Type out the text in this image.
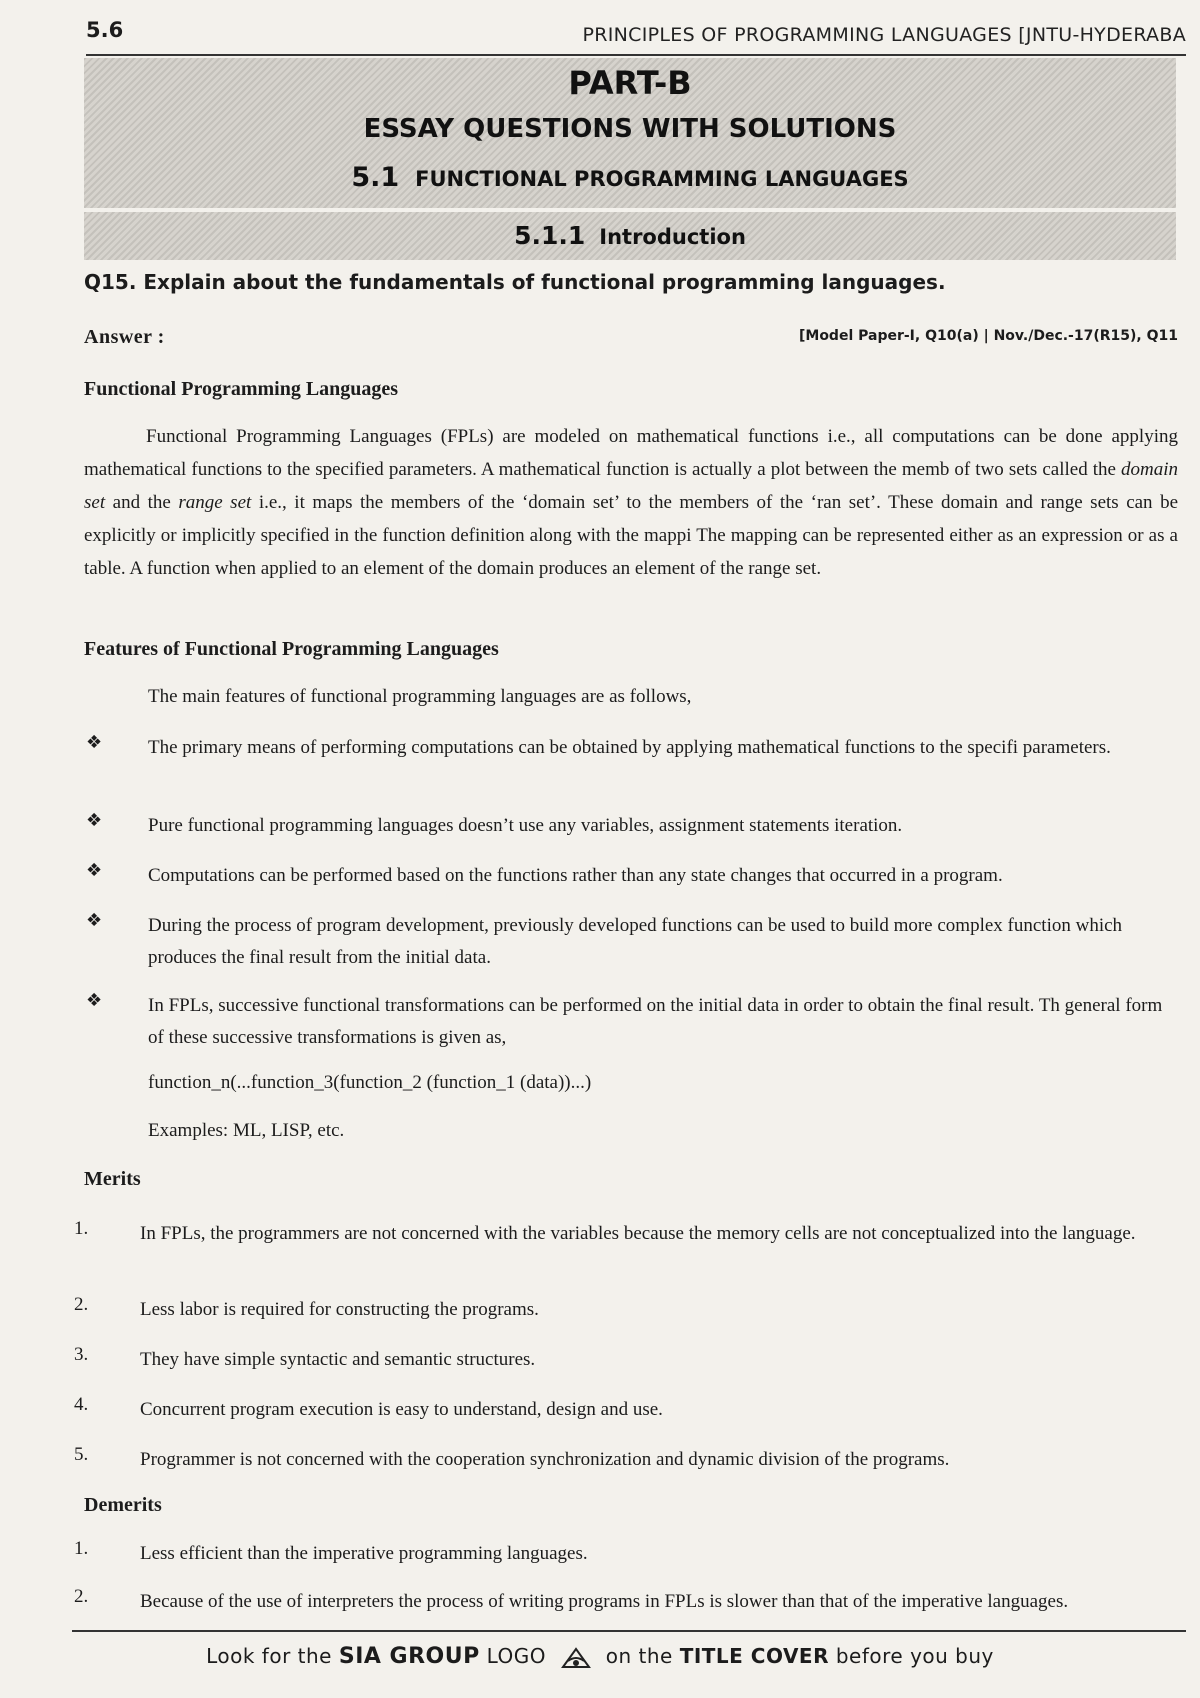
5.6	PRINCIPLES OF PROGRAMMING LANGUAGES [JNTU-HYDERABA
PART-B
ESSAY QUESTIONS WITH SOLUTIONS
5.1 FUNCTIONAL PROGRAMMING LANGUAGES
5.1.1 Introduction
Q15. Explain about the fundamentals of functional programming languages.
Answer :	[Model Paper-I, Q10(a) | Nov./Dec.-17(R15), Q11
Functional Programming Languages
Functional Programming Languages (FPLs) are modeled on mathematical functions i.e., all computations can be done applying mathematical functions to the specified parameters. A mathematical function is actually a plot between the memb of two sets called the domain set and the range set i.e., it maps the members of the ‘domain set’ to the members of the ‘ran set’. These domain and range sets can be explicitly or implicitly specified in the function definition along with the mappi The mapping can be represented either as an expression or as a table. A function when applied to an element of the domain produces an element of the range set.
Features of Functional Programming Languages
The main features of functional programming languages are as follows,
❖ The primary means of performing computations can be obtained by applying mathematical functions to the specifi parameters.
❖ Pure functional programming languages doesn’t use any variables, assignment statements iteration.
❖ Computations can be performed based on the functions rather than any state changes that occurred in a program.
❖ During the process of program development, previously developed functions can be used to build more complex function which produces the final result from the initial data.
❖ In FPLs, successive functional transformations can be performed on the initial data in order to obtain the final result. Th general form of these successive transformations is given as,
function_n(...function_3(function_2 (function_1 (data))...)
Examples: ML, LISP, etc.
Merits
1.	In FPLs, the programmers are not concerned with the variables because the memory cells are not conceptualized into the language.
2.	Less labor is required for constructing the programs.
3.	They have simple syntactic and semantic structures.
4.	Concurrent program execution is easy to understand, design and use.
5.	Programmer is not concerned with the cooperation synchronization and dynamic division of the programs.
Demerits
1.	Less efficient than the imperative programming languages.
2.	Because of the use of interpreters the process of writing programs in FPLs is slower than that of the imperative languages.
Look for the SIA GROUP LOGO	on the TITLE COVER before you buy
